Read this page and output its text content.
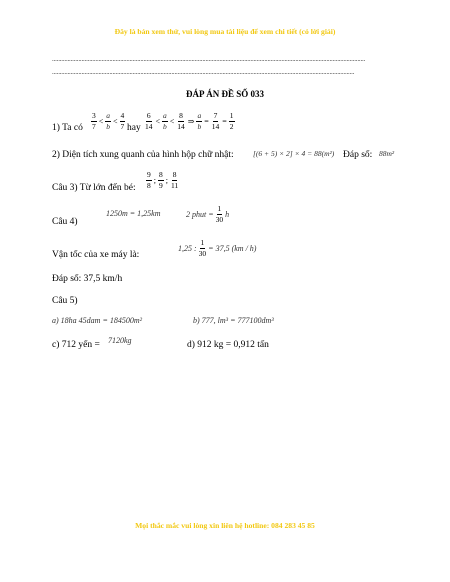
Đây là bản xem thử, vui lòng mua tài liệu để xem chi tiết (có lời giải)
..........................................................................................................................................................................................................
...................................................................................................................................................................................................
ĐÁP ÁN ĐỀ SỐ 033
1) Ta có $\frac{3}{7} < \frac{a}{b} < \frac{4}{7}$ hay $\frac{6}{14} < \frac{a}{b} < \frac{8}{14}$ ⇒ $\frac{a}{b} = \frac{7}{14} = \frac{1}{2}$
2) Diện tích xung quanh của hình hộp chữ nhật:	[(6 + 5) × 2] × 4 = 88(m²) Đáp số: 88m²
Câu 3) Từ lớn đến bé: $\frac{9}{8}$ ; $\frac{8}{9}$ ; $\frac{8}{11}$
Câu 4)
1250m = 1,25km	2 phut = $\frac{1}{30}$ h
Vận tốc của xe máy là:
1,25 : $\frac{1}{30} = 37,5$ (km / h)
Đáp số: 37,5 km/h
Câu 5)
a) 18ha 45dam = 184500m²	b) 777, lm³ = 777100dm³
c) 712 yến = 7120kg	d) 912 kg = 0,912 tấn
Mọi thắc mắc vui lòng xin liên hệ hotline: 084 283 45 85
